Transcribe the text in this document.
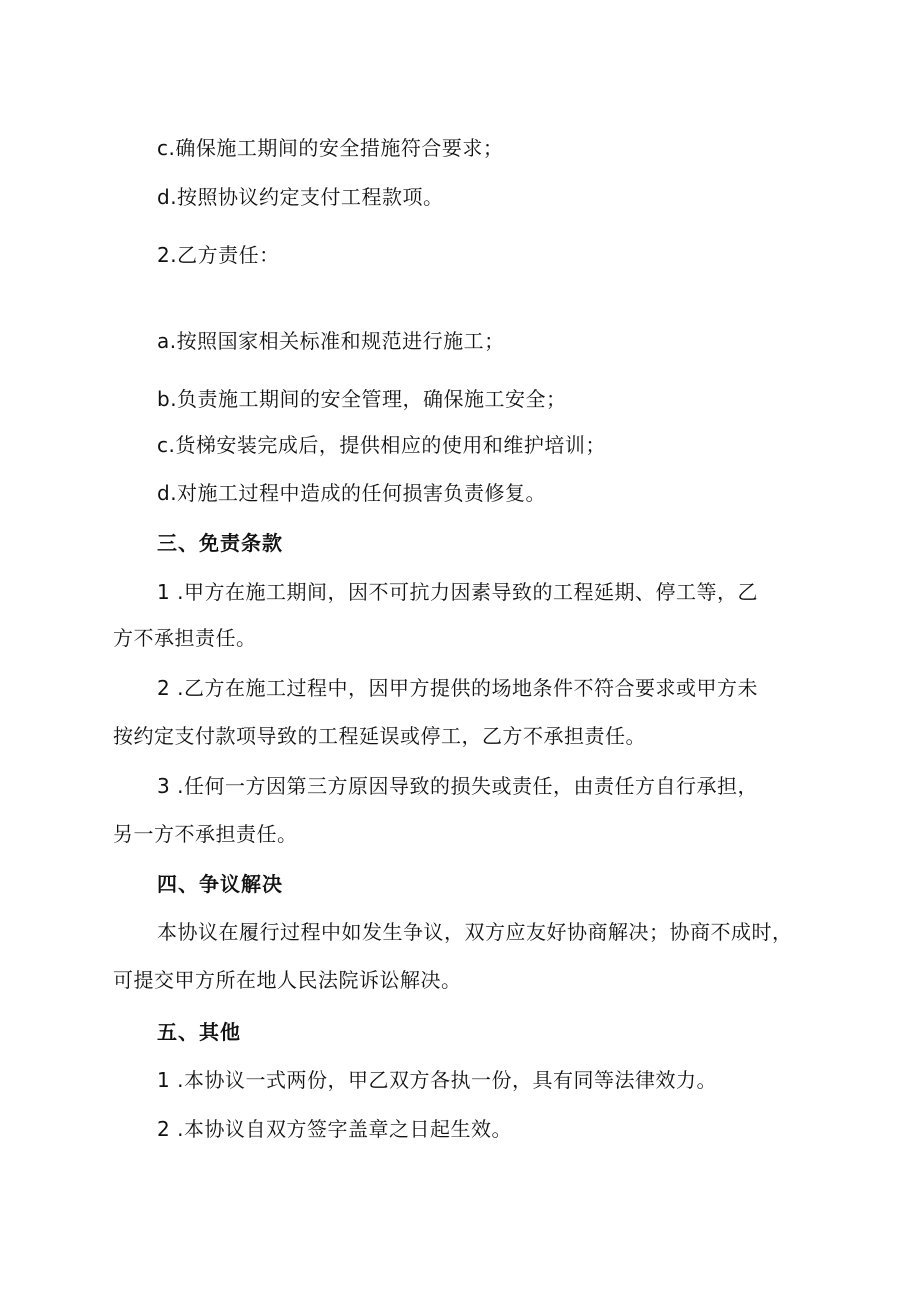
c.确保施工期间的安全措施符合要求；
d.按照协议约定支付工程款项。
2.乙方责任：
a.按照国家相关标准和规范进行施工；
b.负责施工期间的安全管理，确保施工安全；
c.货梯安装完成后，提供相应的使用和维护培训；
d.对施工过程中造成的任何损害负责修复。
三、免责条款
1 .甲方在施工期间，因不可抗力因素导致的工程延期、停工等，乙
方不承担责任。
2 .乙方在施工过程中，因甲方提供的场地条件不符合要求或甲方未
按约定支付款项导致的工程延误或停工，乙方不承担责任。
3 .任何一方因第三方原因导致的损失或责任，由责任方自行承担，
另一方不承担责任。
四、争议解决
本协议在履行过程中如发生争议，双方应友好协商解决；协商不成时，
可提交甲方所在地人民法院诉讼解决。
五、其他
1 .本协议一式两份，甲乙双方各执一份，具有同等法律效力。
2 .本协议自双方签字盖章之日起生效。
